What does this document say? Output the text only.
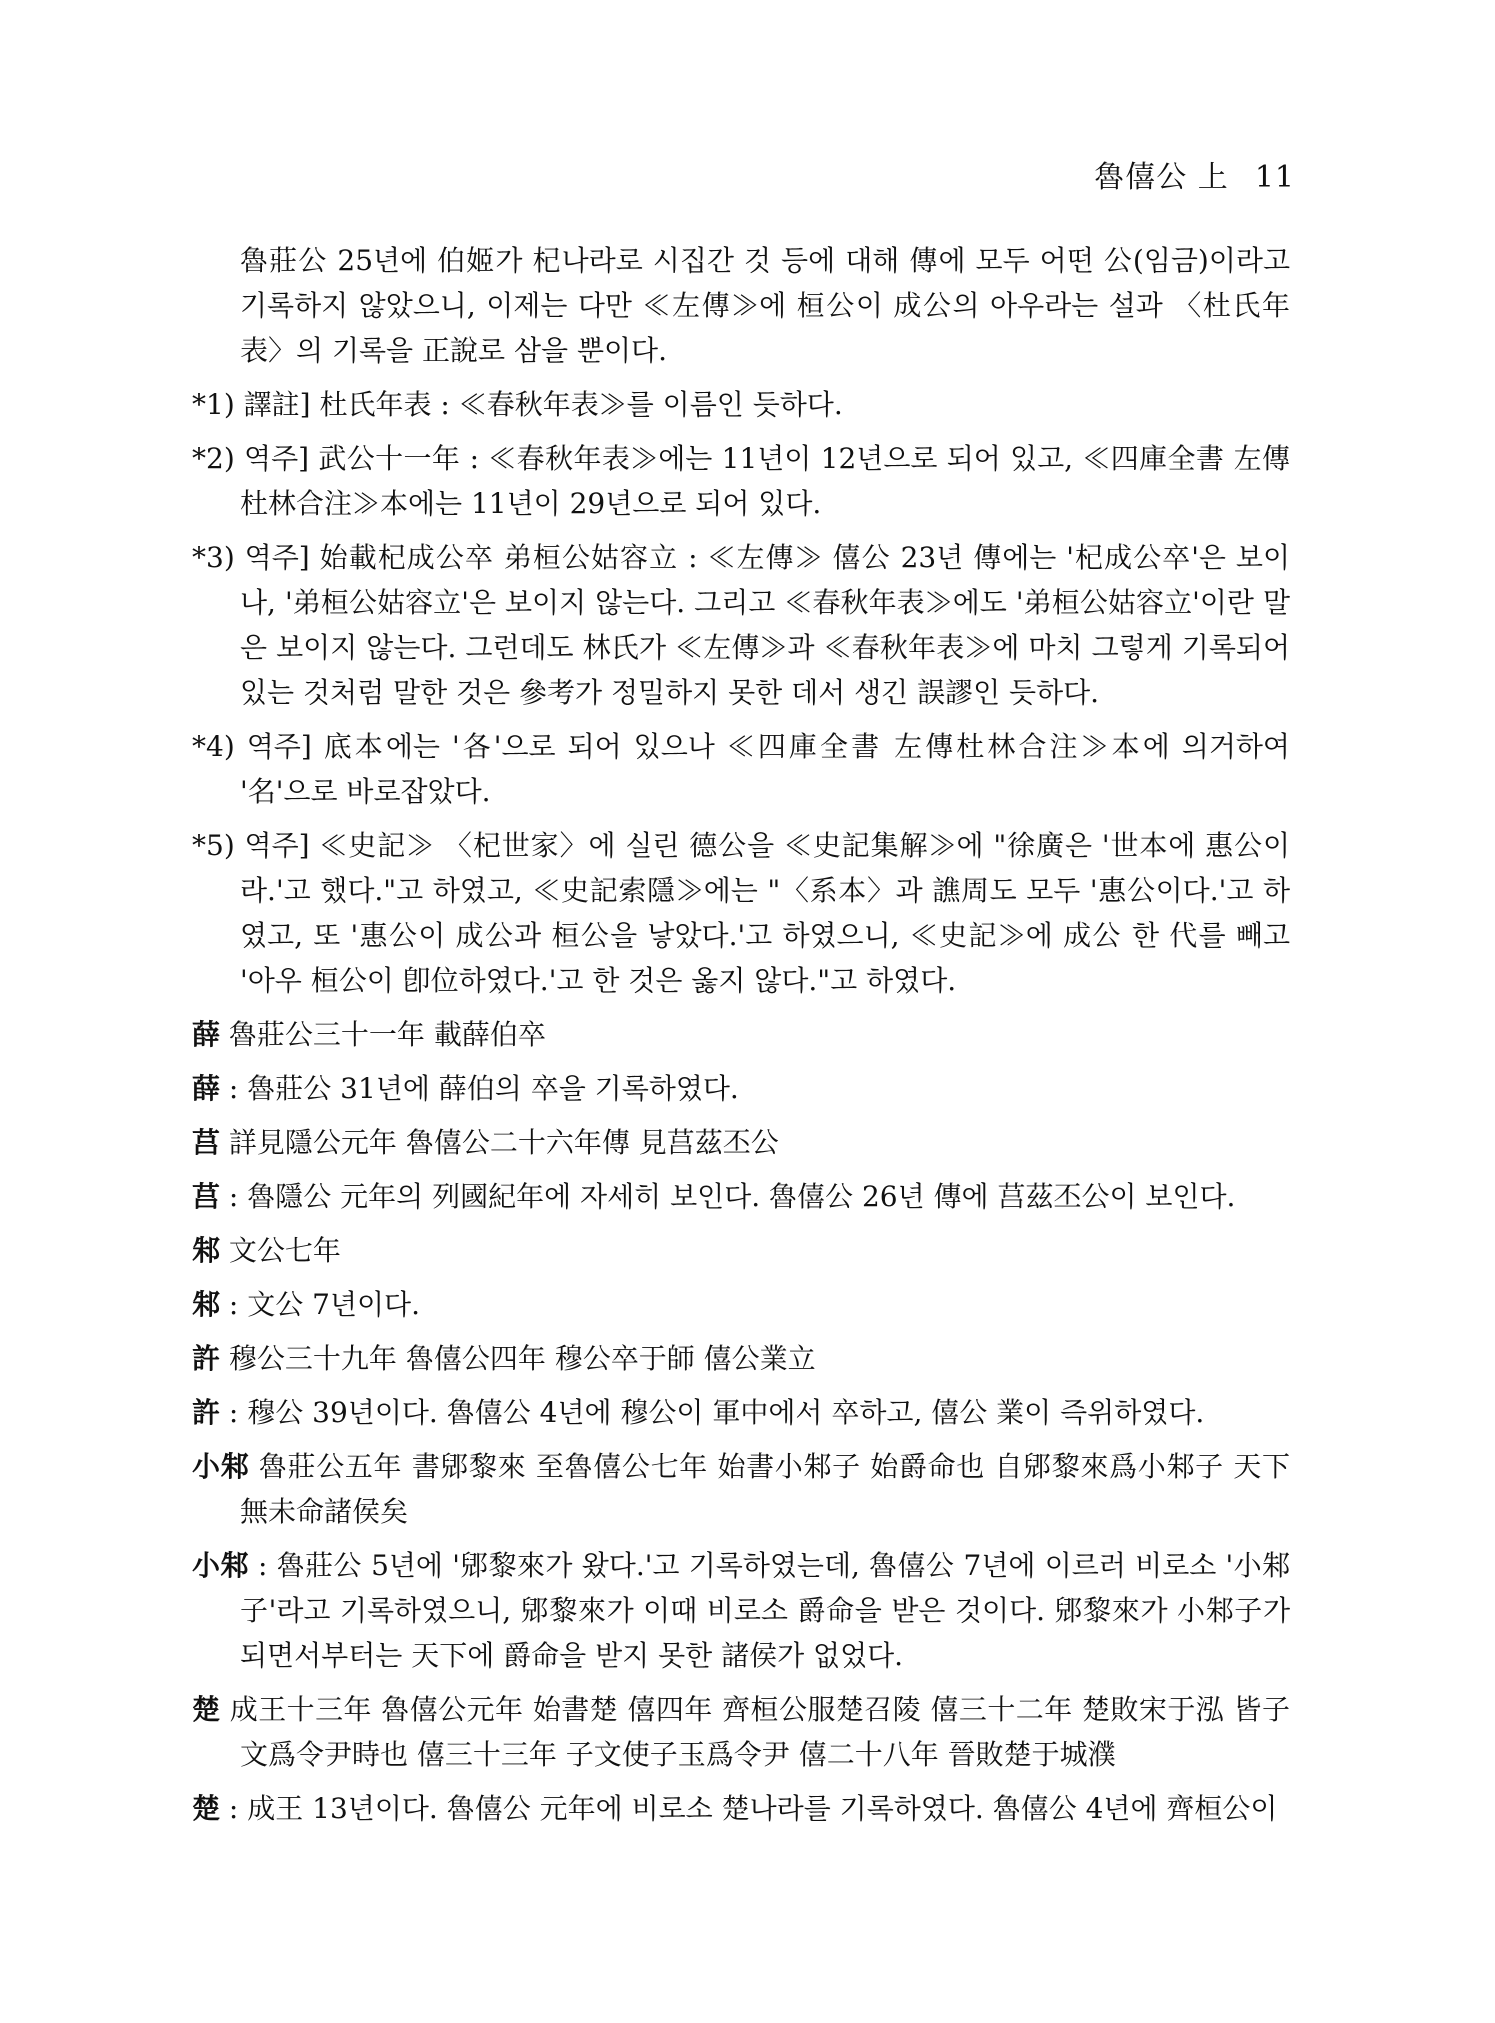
魯僖公 上 11

魯莊公 25년에 伯姬가 杞나라로 시집간 것 등에 대해 傳에 모두 어떤 公(임금)이라고 기록하지 않았으니, 이제는 다만 ≪左傳≫에 桓公이 成公의 아우라는 설과 〈杜氏年表〉의 기록을 正說로 삼을 뿐이다.

*1) 譯註] 杜氏年表 : ≪春秋年表≫를 이름인 듯하다.

*2) 역주] 武公十一年 : ≪春秋年表≫에는 11년이 12년으로 되어 있고, ≪四庫全書 左傳杜林合注≫本에는 11년이 29년으로 되어 있다.

*3) 역주] 始載杞成公卒 弟桓公姑容立 : ≪左傳≫ 僖公 23년 傳에는 '杞成公卒'은 보이나, '弟桓公姑容立'은 보이지 않는다. 그리고 ≪春秋年表≫에도 '弟桓公姑容立'이란 말은 보이지 않는다. 그런데도 林氏가 ≪左傳≫과 ≪春秋年表≫에 마치 그렇게 기록되어 있는 것처럼 말한 것은 參考가 정밀하지 못한 데서 생긴 誤謬인 듯하다.

*4) 역주] 底本에는 '各'으로 되어 있으나 ≪四庫全書 左傳杜林合注≫本에 의거하여 '名'으로 바로잡았다.

*5) 역주] ≪史記≫ 〈杞世家〉에 실린 德公을 ≪史記集解≫에 "徐廣은 '世本에 惠公이라.'고 했다."고 하였고, ≪史記索隱≫에는 "〈系本〉과 譙周도 모두 '惠公이다.'고 하였고, 또 '惠公이 成公과 桓公을 낳았다.'고 하였으니, ≪史記≫에 成公 한 代를 빼고 '아우 桓公이 卽位하였다.'고 한 것은 옳지 않다."고 하였다.

薛 魯莊公三十一年 載薛伯卒

薛 : 魯莊公 31년에 薛伯의 卒을 기록하였다.

莒 詳見隱公元年 魯僖公二十六年傳 見莒茲丕公

莒 : 魯隱公 元年의 列國紀年에 자세히 보인다. 魯僖公 26년 傳에 莒茲丕公이 보인다.

邾 文公七年

邾 : 文公 7년이다.

許 穆公三十九年 魯僖公四年 穆公卒于師 僖公業立

許 : 穆公 39년이다. 魯僖公 4년에 穆公이 軍中에서 卒하고, 僖公 業이 즉위하였다.

小邾 魯莊公五年 書郳黎來 至魯僖公七年 始書小邾子 始爵命也 自郳黎來爲小邾子 天下無未命諸侯矣

小邾 : 魯莊公 5년에 '郳黎來가 왔다.'고 기록하였는데, 魯僖公 7년에 이르러 비로소 '小邾子'라고 기록하였으니, 郳黎來가 이때 비로소 爵命을 받은 것이다. 郳黎來가 小邾子가 되면서부터는 天下에 爵命을 받지 못한 諸侯가 없었다.

楚 成王十三年 魯僖公元年 始書楚 僖四年 齊桓公服楚召陵 僖三十二年 楚敗宋于泓 皆子文爲令尹時也 僖三十三年 子文使子玉爲令尹 僖二十八年 晉敗楚于城濮

楚 : 成王 13년이다. 魯僖公 元年에 비로소 楚나라를 기록하였다. 魯僖公 4년에 齊桓公이
